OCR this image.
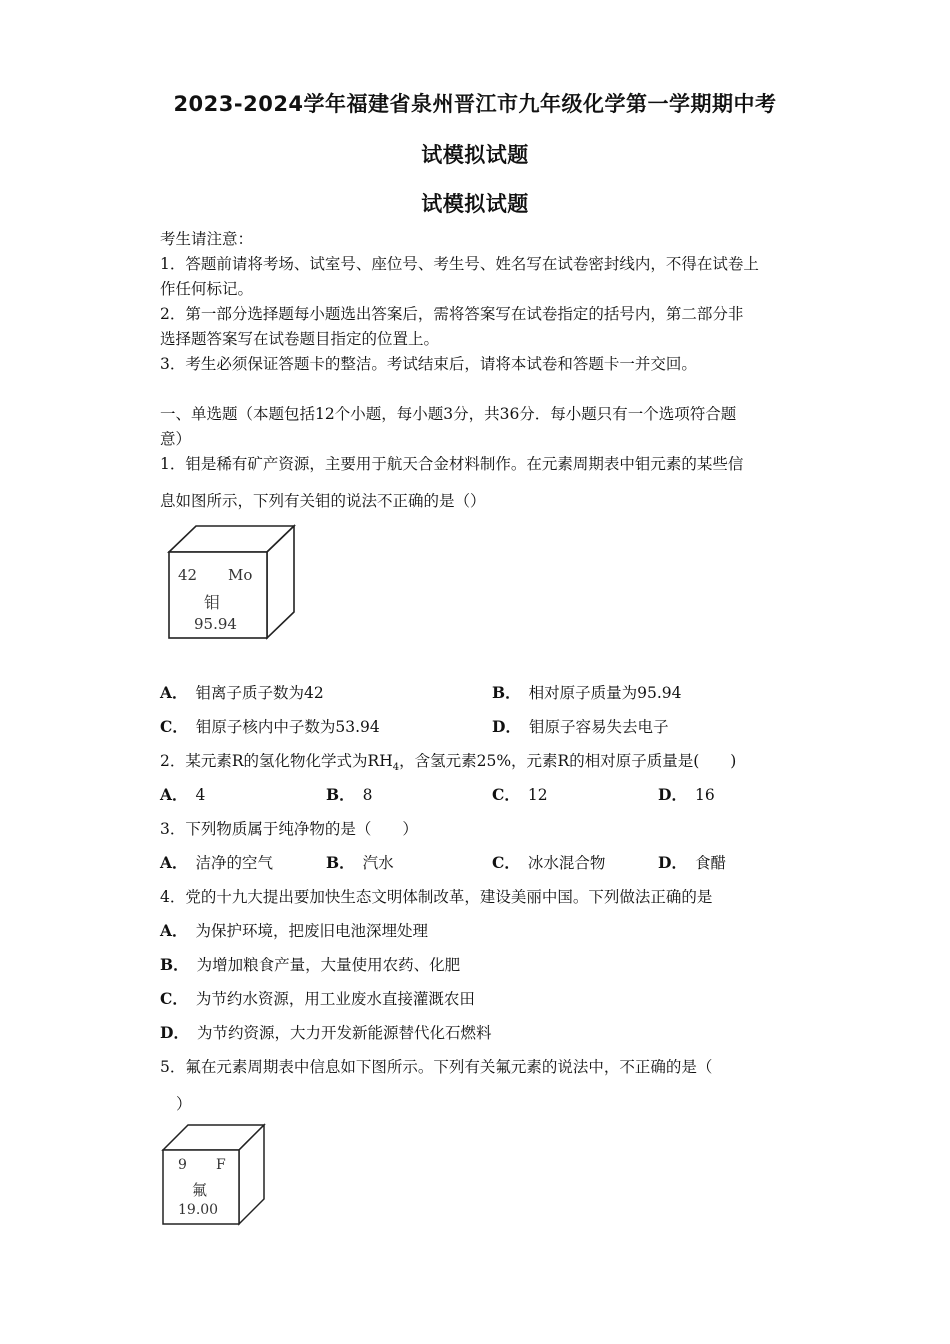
2023-2024学年福建省泉州晋江市九年级化学第一学期期中考
试模拟试题
试模拟试题
考生请注意：
1．答题前请将考场、试室号、座位号、考生号、姓名写在试卷密封线内，不得在试卷上
作任何标记。
2．第一部分选择题每小题选出答案后，需将答案写在试卷指定的括号内，第二部分非
选择题答案写在试卷题目指定的位置上。
3．考生必须保证答题卡的整洁。考试结束后，请将本试卷和答题卡一并交回。
一、单选题（本题包括12个小题，每小题3分，共36分．每小题只有一个选项符合题
意）
1．钼是稀有矿产资源，主要用于航天合金材料制作。在元素周期表中钼元素的某些信
息如图所示，下列有关钼的说法不正确的是（）
42 Mo
钼
95.94
A． 钼离子质子数为42	B． 相对原子质量为95.94
C． 钼原子核内中子数为53.94	D． 钼原子容易失去电子
2．某元素R的氢化物化学式为$RH_4$，含氢元素25%，元素R的相对原子质量是(　　)
A． 4	B． 8	C． 12	D． 16
3．下列物质属于纯净物的是（　　）
A． 洁净的空气	B． 汽水	C． 冰水混合物	D． 食醋
4．党的十九大提出要加快生态文明体制改革，建设美丽中国。下列做法正确的是
A． 为保护环境，把废旧电池深埋处理
B． 为增加粮食产量，大量使用农药、化肥
C． 为节约水资源，用工业废水直接灌溉农田
D． 为节约资源，大力开发新能源替代化石燃料
5．氟在元素周期表中信息如下图所示。下列有关氟元素的说法中，不正确的是（
）
9 F
氟
19.00
